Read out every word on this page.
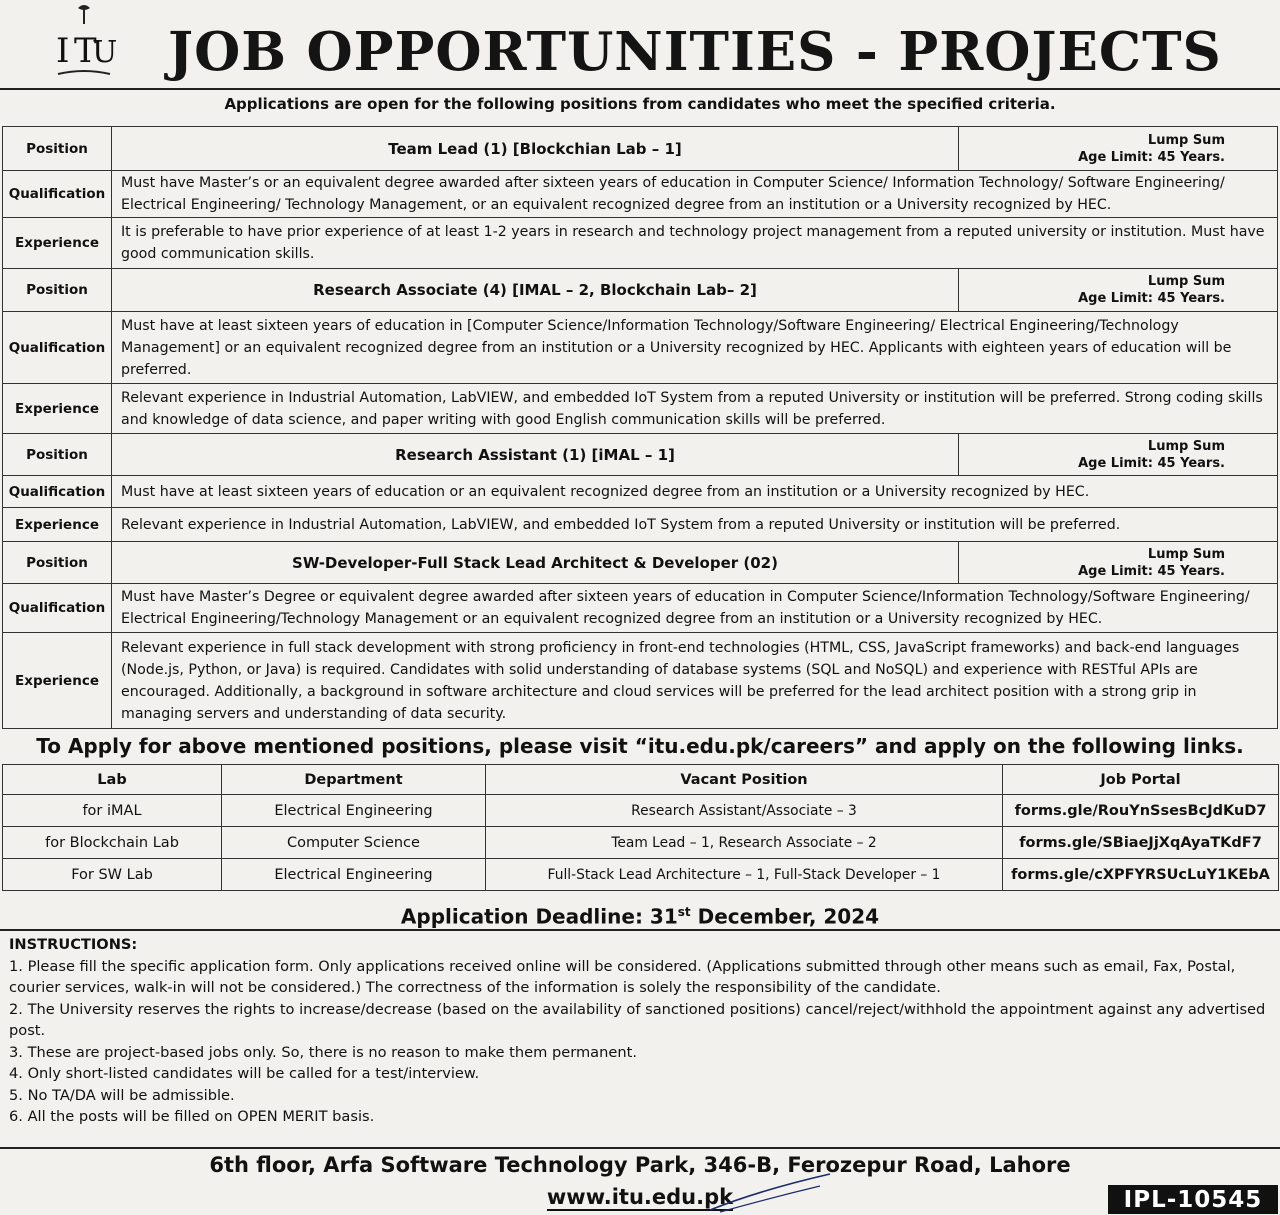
I T
U JOB OPPORTUNITIES - PROJECTS
Applications are open for the following positions from candidates who meet the specified criteria.
Position	Team Lead (1) [Blockchian Lab – 1]	Lump Sum
Age Limit: 45 Years.
Qualification	Must have Master’s or an equivalent degree awarded after sixteen years of education in Computer Science/ Information Technology/ Software Engineering/ Electrical Engineering/ Technology Management, or an equivalent recognized degree from an institution or a University recognized by HEC.	
Experience	It is preferable to have prior experience of at least 1-2 years in research and technology project management from a reputed university or institution. Must have good communication skills.	
Position	Research Associate (4) [IMAL – 2, Blockchain Lab– 2]	Lump Sum
Age Limit: 45 Years.
Qualification	Must have at least sixteen years of education in [Computer Science/Information Technology/Software Engineering/ Electrical Engineering/Technology Management] or an equivalent recognized degree from an institution or a University recognized by HEC. Applicants with eighteen years of education will be preferred.	
Experience	Relevant experience in Industrial Automation, LabVIEW, and embedded IoT System from a reputed University or institution will be preferred. Strong coding skills and knowledge of data science, and paper writing with good English communication skills will be preferred.	
Position	Research Assistant (1) [iMAL – 1]	Lump Sum
Age Limit: 45 Years.
Qualification	Must have at least sixteen years of education or an equivalent recognized degree from an institution or a University recognized by HEC.	
Experience	Relevant experience in Industrial Automation, LabVIEW, and embedded IoT System from a reputed University or institution will be preferred.	
Position	SW-Developer-Full Stack Lead Architect & Developer (02)	Lump Sum
Age Limit: 45 Years.
Qualification	Must have Master’s Degree or equivalent degree awarded after sixteen years of education in Computer Science/Information Technology/Software Engineering/ Electrical Engineering/Technology Management or an equivalent recognized degree from an institution or a University recognized by HEC.	
Experience	Relevant experience in full stack development with strong proficiency in front-end technologies (HTML, CSS, JavaScript frameworks) and back-end languages (Node.js, Python, or Java) is required. Candidates with solid understanding of database systems (SQL and NoSQL) and experience with RESTful APIs are encouraged. Additionally, a background in software architecture and cloud services will be preferred for the lead architect position with a strong grip in managing servers and understanding of data security.	
To Apply for above mentioned positions, please visit “itu.edu.pk/careers” and apply on the following links.
Lab	Department	Vacant Position	Job Portal
for iMAL	Electrical Engineering	Research Assistant/Associate – 3	forms.gle/RouYnSsesBcJdKuD7
for Blockchain Lab	Computer Science	Team Lead – 1, Research Associate – 2	forms.gle/SBiaeJjXqAyaTKdF7
For SW Lab	Electrical Engineering	Full-Stack Lead Architecture – 1, Full-Stack Developer – 1	forms.gle/cXPFYRSUcLuY1KEbA
Application Deadline: 31st December, 2024
INSTRUCTIONS:
1. Please fill the specific application form. Only applications received online will be considered. (Applications submitted through other means such as email, Fax, Postal, courier services, walk-in will not be considered.) The correctness of the information is solely the responsibility of the candidate.
2. The University reserves the rights to increase/decrease (based on the availability of sanctioned positions) cancel/reject/withhold the appointment against any advertised post.
3. These are project-based jobs only. So, there is no reason to make them permanent.
4. Only short-listed candidates will be called for a test/interview.
5. No TA/DA will be admissible.
6. All the posts will be filled on OPEN MERIT basis.
6th floor, Arfa Software Technology Park, 346-B, Ferozepur Road, Lahore
www.itu.edu.pk	IPL-10545
